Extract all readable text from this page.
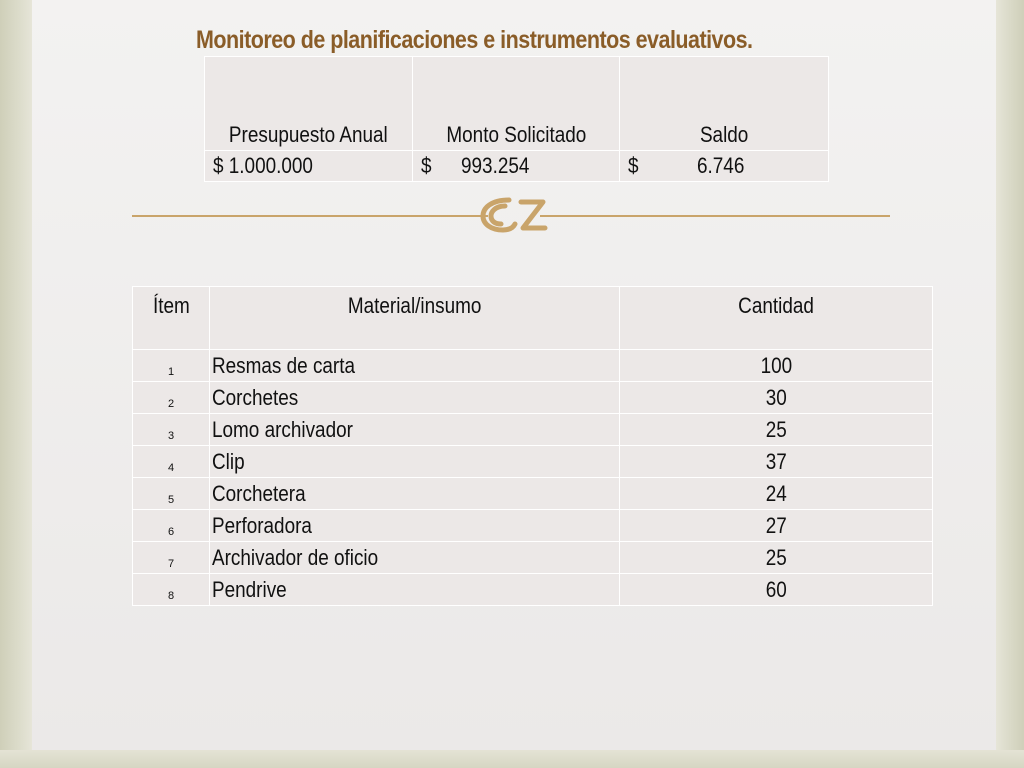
Monitoreo de planificaciones e instrumentos evaluativos.
Presupuesto Anual	Monto Solicitado	Saldo
$ 1.000.000	$ 993.254	$ 6.746
Ítem	Material/insumo	Cantidad
1	Resmas de carta	100
2	Corchetes	30
3	Lomo archivador	25
4	Clip	37
5	Corchetera	24
6	Perforadora	27
7	Archivador de oficio	25
8	Pendrive	60
